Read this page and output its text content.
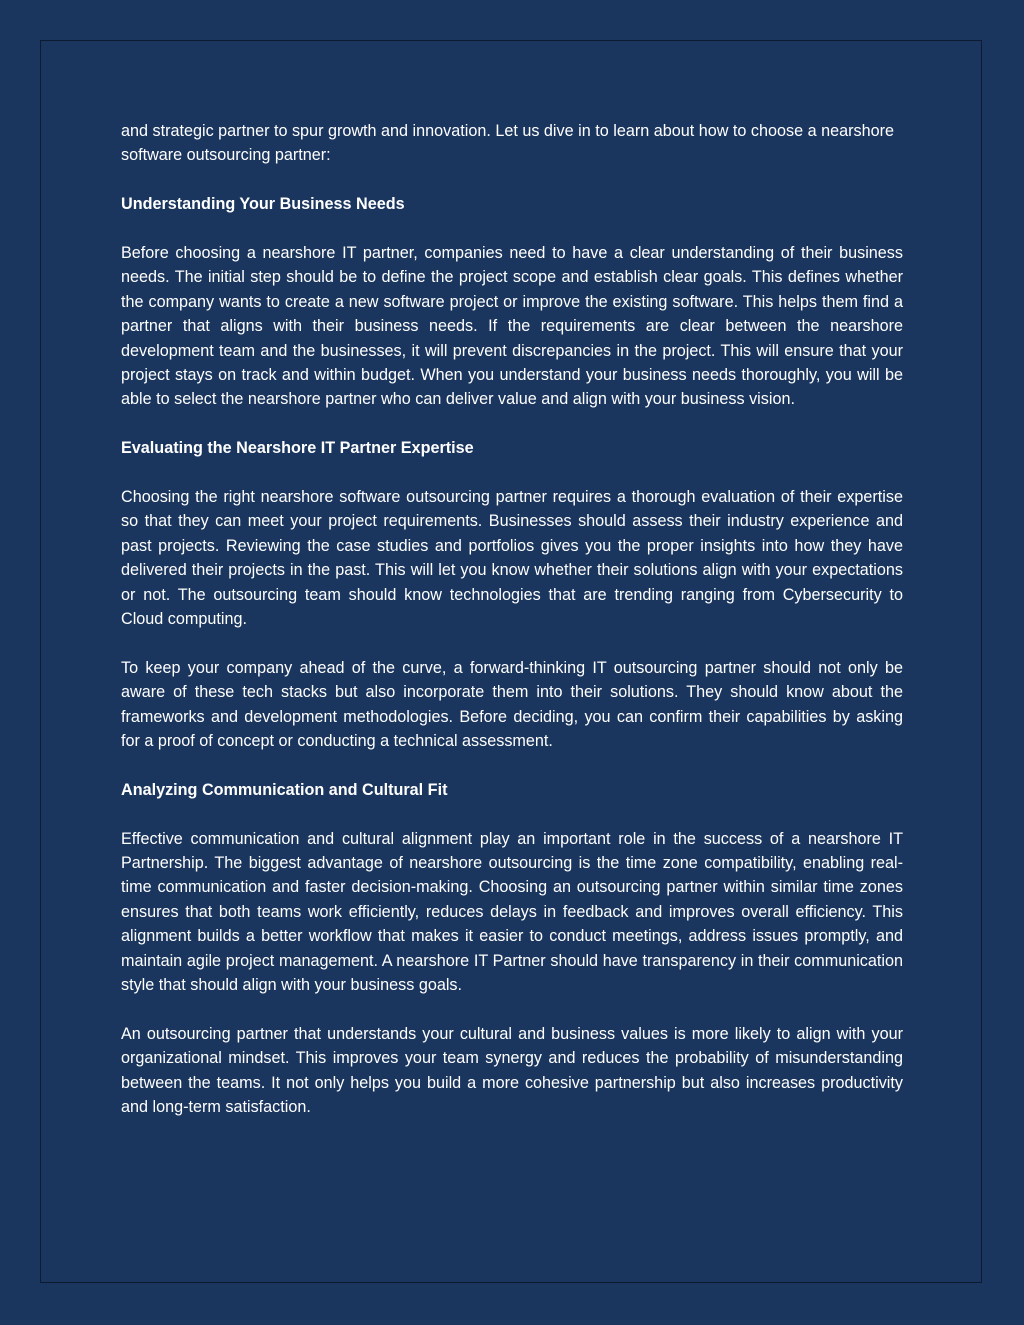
and strategic partner to spur growth and innovation. Let us dive in to learn about how to choose a nearshore software outsourcing partner:

Understanding Your Business Needs

Before choosing a nearshore IT partner, companies need to have a clear understanding of their business needs. The initial step should be to define the project scope and establish clear goals. This defines whether the company wants to create a new software project or improve the existing software. This helps them find a partner that aligns with their business needs. If the requirements are clear between the nearshore development team and the businesses, it will prevent discrepancies in the project. This will ensure that your project stays on track and within budget. When you understand your business needs thoroughly, you will be able to select the nearshore partner who can deliver value and align with your business vision.

Evaluating the Nearshore IT Partner Expertise

Choosing the right nearshore software outsourcing partner requires a thorough evaluation of their expertise so that they can meet your project requirements. Businesses should assess their industry experience and past projects. Reviewing the case studies and portfolios gives you the proper insights into how they have delivered their projects in the past. This will let you know whether their solutions align with your expectations or not. The outsourcing team should know technologies that are trending ranging from Cybersecurity to Cloud computing.

To keep your company ahead of the curve, a forward-thinking IT outsourcing partner should not only be aware of these tech stacks but also incorporate them into their solutions. They should know about the frameworks and development methodologies. Before deciding, you can confirm their capabilities by asking for a proof of concept or conducting a technical assessment.

Analyzing Communication and Cultural Fit

Effective communication and cultural alignment play an important role in the success of a nearshore IT Partnership. The biggest advantage of nearshore outsourcing is the time zone compatibility, enabling real-time communication and faster decision-making. Choosing an outsourcing partner within similar time zones ensures that both teams work efficiently, reduces delays in feedback and improves overall efficiency. This alignment builds a better workflow that makes it easier to conduct meetings, address issues promptly, and maintain agile project management. A nearshore IT Partner should have transparency in their communication style that should align with your business goals.

An outsourcing partner that understands your cultural and business values is more likely to align with your organizational mindset. This improves your team synergy and reduces the probability of misunderstanding between the teams. It not only helps you build a more cohesive partnership but also increases productivity and long-term satisfaction.
